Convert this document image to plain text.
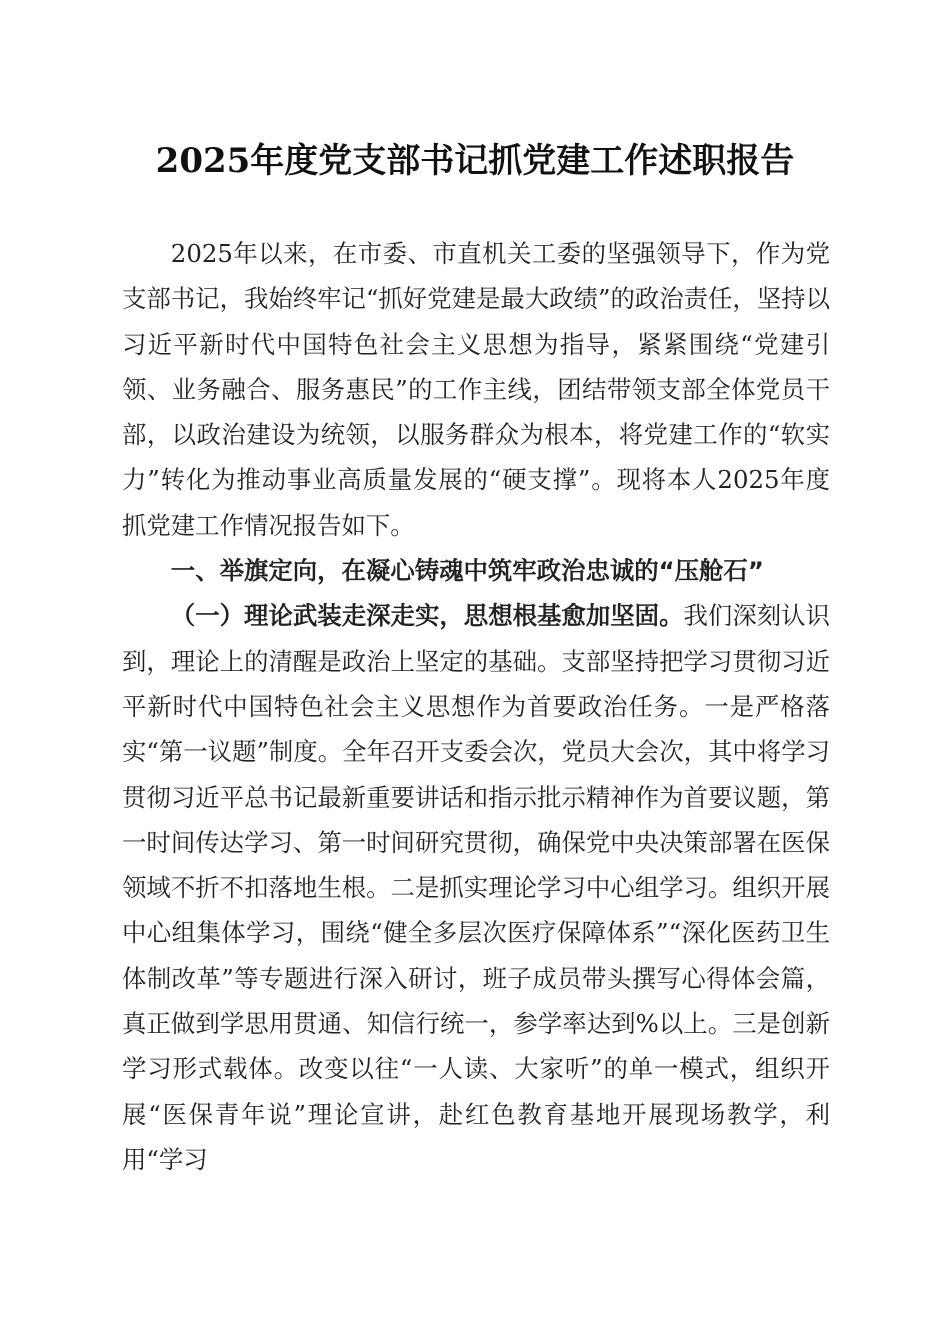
2025年度党支部书记抓党建工作述职报告

2025年以来，在市委、市直机关工委的坚强领导下，作为党支部书记，我始终牢记“抓好党建是最大政绩”的政治责任，坚持以习近平新时代中国特色社会主义思想为指导，紧紧围绕“党建引领、业务融合、服务惠民”的工作主线，团结带领支部全体党员干部，以政治建设为统领，以服务群众为根本，将党建工作的“软实力”转化为推动事业高质量发展的“硬支撑”。现将本人2025年度抓党建工作情况报告如下。

一、举旗定向，在凝心铸魂中筑牢政治忠诚的“压舱石”

（一）理论武装走深走实，思想根基愈加坚固。我们深刻认识到，理论上的清醒是政治上坚定的基础。支部坚持把学习贯彻习近平新时代中国特色社会主义思想作为首要政治任务。一是严格落实“第一议题”制度。全年召开支委会次，党员大会次，其中将学习贯彻习近平总书记最新重要讲话和指示批示精神作为首要议题，第一时间传达学习、第一时间研究贯彻，确保党中央决策部署在医保领域不折不扣落地生根。二是抓实理论学习中心组学习。组织开展中心组集体学习，围绕“健全多层次医疗保障体系”“深化医药卫生体制改革”等专题进行深入研讨，班子成员带头撰写心得体会篇，真正做到学思用贯通、知信行统一，参学率达到%以上。三是创新学习形式载体。改变以往“一人读、大家听”的单一模式，组织开展“医保青年说”理论宣讲，赴红色教育基地开展现场教学，利用“学习
